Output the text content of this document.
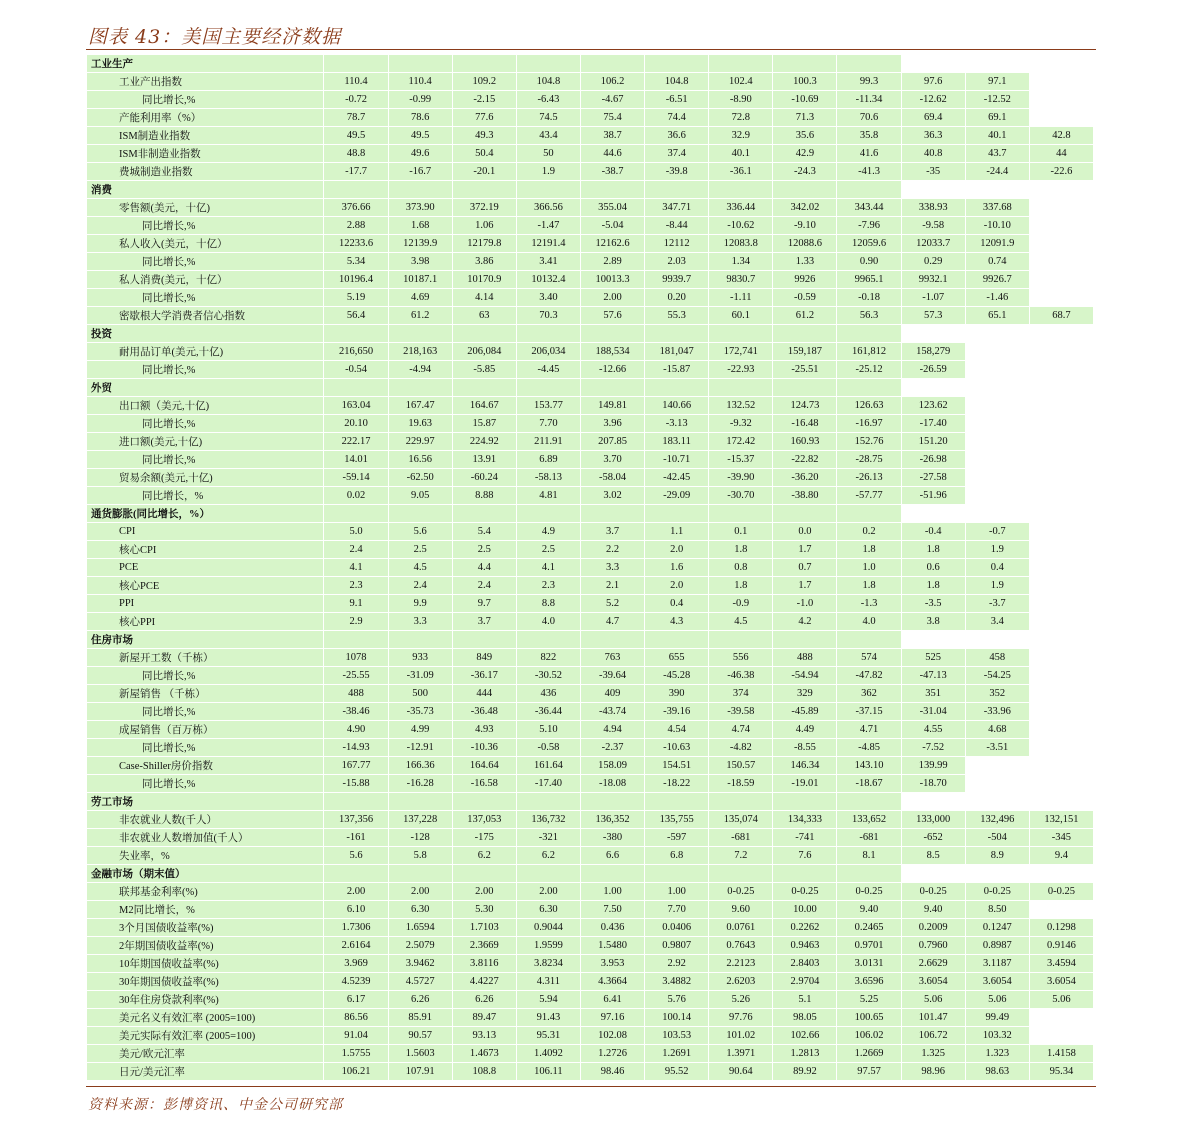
图表 43：美国主要经济数据
工业生产												
工业产出指数	110.4	110.4	109.2	104.8	106.2	104.8	102.4	100.3	99.3	97.6	97.1	
同比增长,%	-0.72	-0.99	-2.15	-6.43	-4.67	-6.51	-8.90	-10.69	-11.34	-12.62	-12.52	
产能利用率（%）	78.7	78.6	77.6	74.5	75.4	74.4	72.8	71.3	70.6	69.4	69.1	
ISM制造业指数	49.5	49.5	49.3	43.4	38.7	36.6	32.9	35.6	35.8	36.3	40.1	42.8
ISM非制造业指数	48.8	49.6	50.4	50	44.6	37.4	40.1	42.9	41.6	40.8	43.7	44
费城制造业指数	-17.7	-16.7	-20.1	1.9	-38.7	-39.8	-36.1	-24.3	-41.3	-35	-24.4	-22.6
消费												
零售额(美元，十亿)	376.66	373.90	372.19	366.56	355.04	347.71	336.44	342.02	343.44	338.93	337.68	
同比增长,%	2.88	1.68	1.06	-1.47	-5.04	-8.44	-10.62	-9.10	-7.96	-9.58	-10.10	
私人收入(美元，十亿）	12233.6	12139.9	12179.8	12191.4	12162.6	12112	12083.8	12088.6	12059.6	12033.7	12091.9	
同比增长,%	5.34	3.98	3.86	3.41	2.89	2.03	1.34	1.33	0.90	0.29	0.74	
私人消费(美元，十亿）	10196.4	10187.1	10170.9	10132.4	10013.3	9939.7	9830.7	9926	9965.1	9932.1	9926.7	
同比增长,%	5.19	4.69	4.14	3.40	2.00	0.20	-1.11	-0.59	-0.18	-1.07	-1.46	
密歇根大学消费者信心指数	56.4	61.2	63	70.3	57.6	55.3	60.1	61.2	56.3	57.3	65.1	68.7
投资												
耐用品订单(美元,十亿)	216,650	218,163	206,084	206,034	188,534	181,047	172,741	159,187	161,812	158,279		
同比增长,%	-0.54	-4.94	-5.85	-4.45	-12.66	-15.87	-22.93	-25.51	-25.12	-26.59		
外贸												
出口额（美元,十亿)	163.04	167.47	164.67	153.77	149.81	140.66	132.52	124.73	126.63	123.62		
同比增长,%	20.10	19.63	15.87	7.70	3.96	-3.13	-9.32	-16.48	-16.97	-17.40		
进口额(美元,十亿)	222.17	229.97	224.92	211.91	207.85	183.11	172.42	160.93	152.76	151.20		
同比增长,%	14.01	16.56	13.91	6.89	3.70	-10.71	-15.37	-22.82	-28.75	-26.98		
贸易余额(美元,十亿)	-59.14	-62.50	-60.24	-58.13	-58.04	-42.45	-39.90	-36.20	-26.13	-27.58		
同比增长，%	0.02	9.05	8.88	4.81	3.02	-29.09	-30.70	-38.80	-57.77	-51.96		
通货膨胀(同比增长，%）												
CPI	5.0	5.6	5.4	4.9	3.7	1.1	0.1	0.0	0.2	-0.4	-0.7	
核心CPI	2.4	2.5	2.5	2.5	2.2	2.0	1.8	1.7	1.8	1.8	1.9	
PCE	4.1	4.5	4.4	4.1	3.3	1.6	0.8	0.7	1.0	0.6	0.4	
核心PCE	2.3	2.4	2.4	2.3	2.1	2.0	1.8	1.7	1.8	1.8	1.9	
PPI	9.1	9.9	9.7	8.8	5.2	0.4	-0.9	-1.0	-1.3	-3.5	-3.7	
核心PPI	2.9	3.3	3.7	4.0	4.7	4.3	4.5	4.2	4.0	3.8	3.4	
住房市场												
新屋开工数（千栋）	1078	933	849	822	763	655	556	488	574	525	458	
同比增长,%	-25.55	-31.09	-36.17	-30.52	-39.64	-45.28	-46.38	-54.94	-47.82	-47.13	-54.25	
新屋销售 （千栋）	488	500	444	436	409	390	374	329	362	351	352	
同比增长,%	-38.46	-35.73	-36.48	-36.44	-43.74	-39.16	-39.58	-45.89	-37.15	-31.04	-33.96	
成屋销售（百万栋）	4.90	4.99	4.93	5.10	4.94	4.54	4.74	4.49	4.71	4.55	4.68	
同比增长,%	-14.93	-12.91	-10.36	-0.58	-2.37	-10.63	-4.82	-8.55	-4.85	-7.52	-3.51	
Case-Shiller房价指数	167.77	166.36	164.64	161.64	158.09	154.51	150.57	146.34	143.10	139.99		
同比增长,%	-15.88	-16.28	-16.58	-17.40	-18.08	-18.22	-18.59	-19.01	-18.67	-18.70		
劳工市场												
非农就业人数(千人）	137,356	137,228	137,053	136,732	136,352	135,755	135,074	134,333	133,652	133,000	132,496	132,151
非农就业人数增加值(千人）	-161	-128	-175	-321	-380	-597	-681	-741	-681	-652	-504	-345
失业率，%	5.6	5.8	6.2	6.2	6.6	6.8	7.2	7.6	8.1	8.5	8.9	9.4
金融市场（期末值）												
联邦基金利率(%)	2.00	2.00	2.00	2.00	1.00	1.00	0-0.25	0-0.25	0-0.25	0-0.25	0-0.25	0-0.25
M2同比增长，%	6.10	6.30	5.30	6.30	7.50	7.70	9.60	10.00	9.40	9.40	8.50	
3个月国债收益率(%)	1.7306	1.6594	1.7103	0.9044	0.436	0.0406	0.0761	0.2262	0.2465	0.2009	0.1247	0.1298
2年期国债收益率(%)	2.6164	2.5079	2.3669	1.9599	1.5480	0.9807	0.7643	0.9463	0.9701	0.7960	0.8987	0.9146
10年期国债收益率(%)	3.969	3.9462	3.8116	3.8234	3.953	2.92	2.2123	2.8403	3.0131	2.6629	3.1187	3.4594
30年期国债收益率(%)	4.5239	4.5727	4.4227	4.311	4.3664	3.4882	2.6203	2.9704	3.6596	3.6054	3.6054	3.6054
30年住房贷款利率(%)	6.17	6.26	6.26	5.94	6.41	5.76	5.26	5.1	5.25	5.06	5.06	5.06
美元名义有效汇率 (2005=100)	86.56	85.91	89.47	91.43	97.16	100.14	97.76	98.05	100.65	101.47	99.49	
美元实际有效汇率 (2005=100)	91.04	90.57	93.13	95.31	102.08	103.53	101.02	102.66	106.02	106.72	103.32	
美元/欧元汇率	1.5755	1.5603	1.4673	1.4092	1.2726	1.2691	1.3971	1.2813	1.2669	1.325	1.323	1.4158
日元/美元汇率	106.21	107.91	108.8	106.11	98.46	95.52	90.64	89.92	97.57	98.96	98.63	95.34
资料来源：彭博资讯、中金公司研究部
